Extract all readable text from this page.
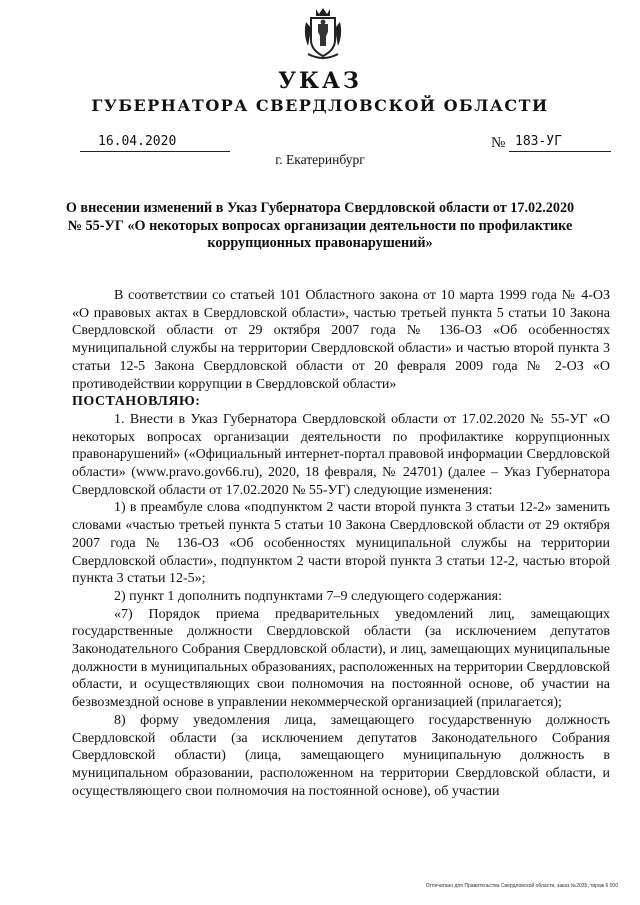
УКАЗ
ГУБЕРНАТОРА СВЕРДЛОВСКОЙ ОБЛАСТИ
16.04.2020	№ 183-УГ
г. Екатеринбург
О внесении изменений в Указ Губернатора Свердловской области от 17.02.2020 № 55-УГ «О некоторых вопросах организации деятельности по профилактике коррупционных правонарушений»

В соответствии со статьей 101 Областного закона от 10 марта 1999 года № 4-ОЗ «О правовых актах в Свердловской области», частью третьей пункта 5 статьи 10 Закона Свердловской области от 29 октября 2007 года № 136-ОЗ «Об особенностях муниципальной службы на территории Свердловской области» и частью второй пункта 3 статьи 12-5 Закона Свердловской области от 20 февраля 2009 года № 2-ОЗ «О противодействии коррупции в Свердловской области»

ПОСТАНОВЛЯЮ:

1. Внести в Указ Губернатора Свердловской области от 17.02.2020 № 55-УГ «О некоторых вопросах организации деятельности по профилактике коррупционных правонарушений» («Официальный интернет-портал правовой информации Свердловской области» (www.pravo.gov66.ru), 2020, 18 февраля, № 24701) (далее – Указ Губернатора Свердловской области от 17.02.2020 № 55-УГ) следующие изменения:

1) в преамбуле слова «подпунктом 2 части второй пункта 3 статьи 12-2» заменить словами «частью третьей пункта 5 статьи 10 Закона Свердловской области от 29 октября 2007 года № 136-ОЗ «Об особенностях муниципальной службы на территории Свердловской области», подпунктом 2 части второй пункта 3 статьи 12-2, частью второй пункта 3 статьи 12-5»;

2) пункт 1 дополнить подпунктами 7–9 следующего содержания:

«7) Порядок приема предварительных уведомлений лиц, замещающих государственные должности Свердловской области (за исключением депутатов Законодательного Собрания Свердловской области), и лиц, замещающих муниципальные должности в муниципальных образованиях, расположенных на территории Свердловской области, и осуществляющих свои полномочия на постоянной основе, об участии на безвозмездной основе в управлении некоммерческой организацией (прилагается);

8) форму уведомления лица, замещающего государственную должность Свердловской области (за исключением депутатов Законодательного Собрания Свердловской области) (лица, замещающего муниципальную должность в муниципальном образовании, расположенном на территории Свердловской области, и осуществляющего свои полномочия на постоянной основе), об участии

Отпечатано для Правительства Свердловской области, заказ №2035, тираж 6 000
